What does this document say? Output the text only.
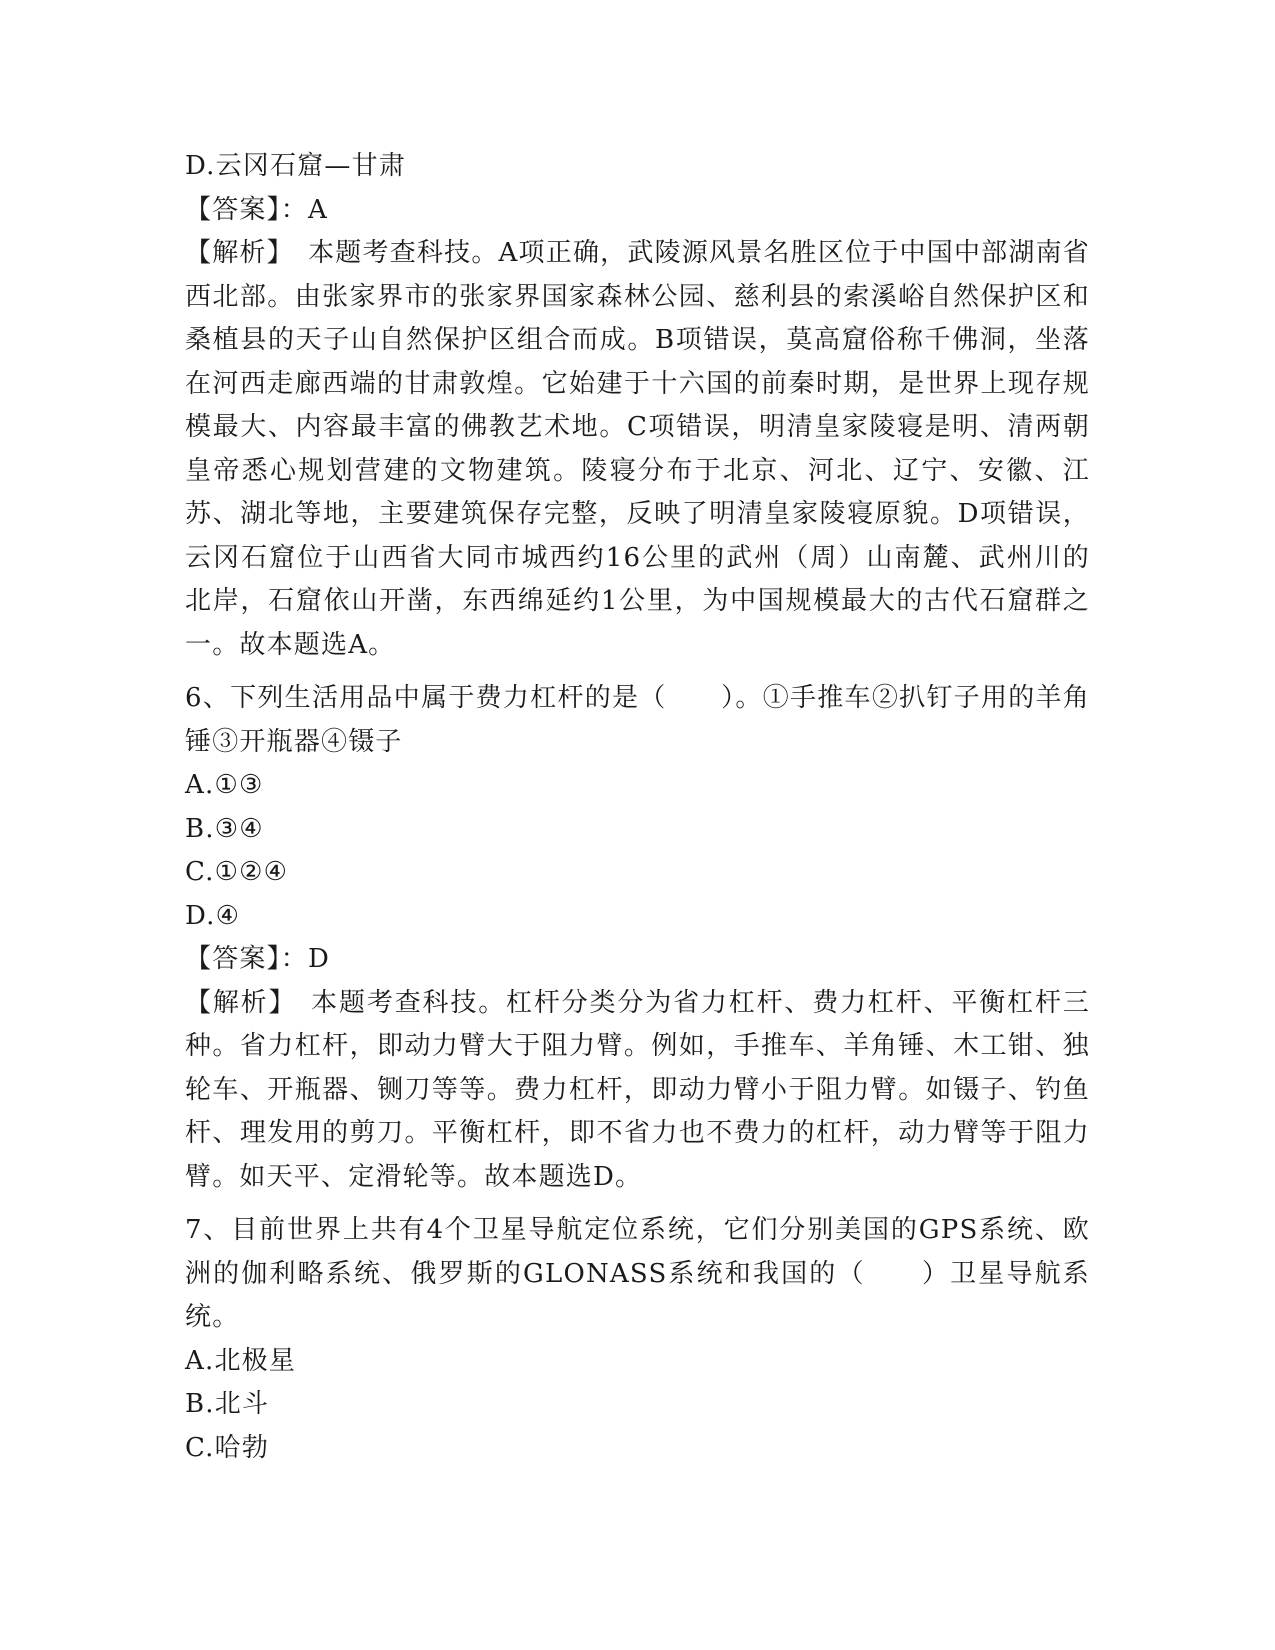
D.云冈石窟—甘肃
【答案】：A
【解析】　本题考查科技。A项正确，武陵源风景名胜区位于中国中部湖南省西北部。由张家界市的张家界国家森林公园、慈利县的索溪峪自然保护区和桑植县的天子山自然保护区组合而成。B项错误，莫高窟俗称千佛洞，坐落在河西走廊西端的甘肃敦煌。它始建于十六国的前秦时期，是世界上现存规模最大、内容最丰富的佛教艺术地。C项错误，明清皇家陵寝是明、清两朝皇帝悉心规划营建的文物建筑。陵寝分布于北京、河北、辽宁、安徽、江苏、湖北等地，主要建筑保存完整，反映了明清皇家陵寝原貌。D项错误，云冈石窟位于山西省大同市城西约16公里的武州（周）山南麓、武州川的北岸，石窟依山开凿，东西绵延约1公里，为中国规模最大的古代石窟群之一。故本题选A。
6、下列生活用品中属于费力杠杆的是（　　）。①手推车②扒钉子用的羊角锤③开瓶器④镊子
A.①③
B.③④
C.①②④
D.④
【答案】：D
【解析】　本题考查科技。杠杆分类分为省力杠杆、费力杠杆、平衡杠杆三种。省力杠杆，即动力臂大于阻力臂。例如，手推车、羊角锤、木工钳、独轮车、开瓶器、铡刀等等。费力杠杆，即动力臂小于阻力臂。如镊子、钓鱼杆、理发用的剪刀。平衡杠杆，即不省力也不费力的杠杆，动力臂等于阻力臂。如天平、定滑轮等。故本题选D。
7、目前世界上共有4个卫星导航定位系统，它们分别美国的GPS系统、欧洲的伽利略系统、俄罗斯的GLONASS系统和我国的（　　）卫星导航系统。
A.北极星
B.北斗
C.哈勃
